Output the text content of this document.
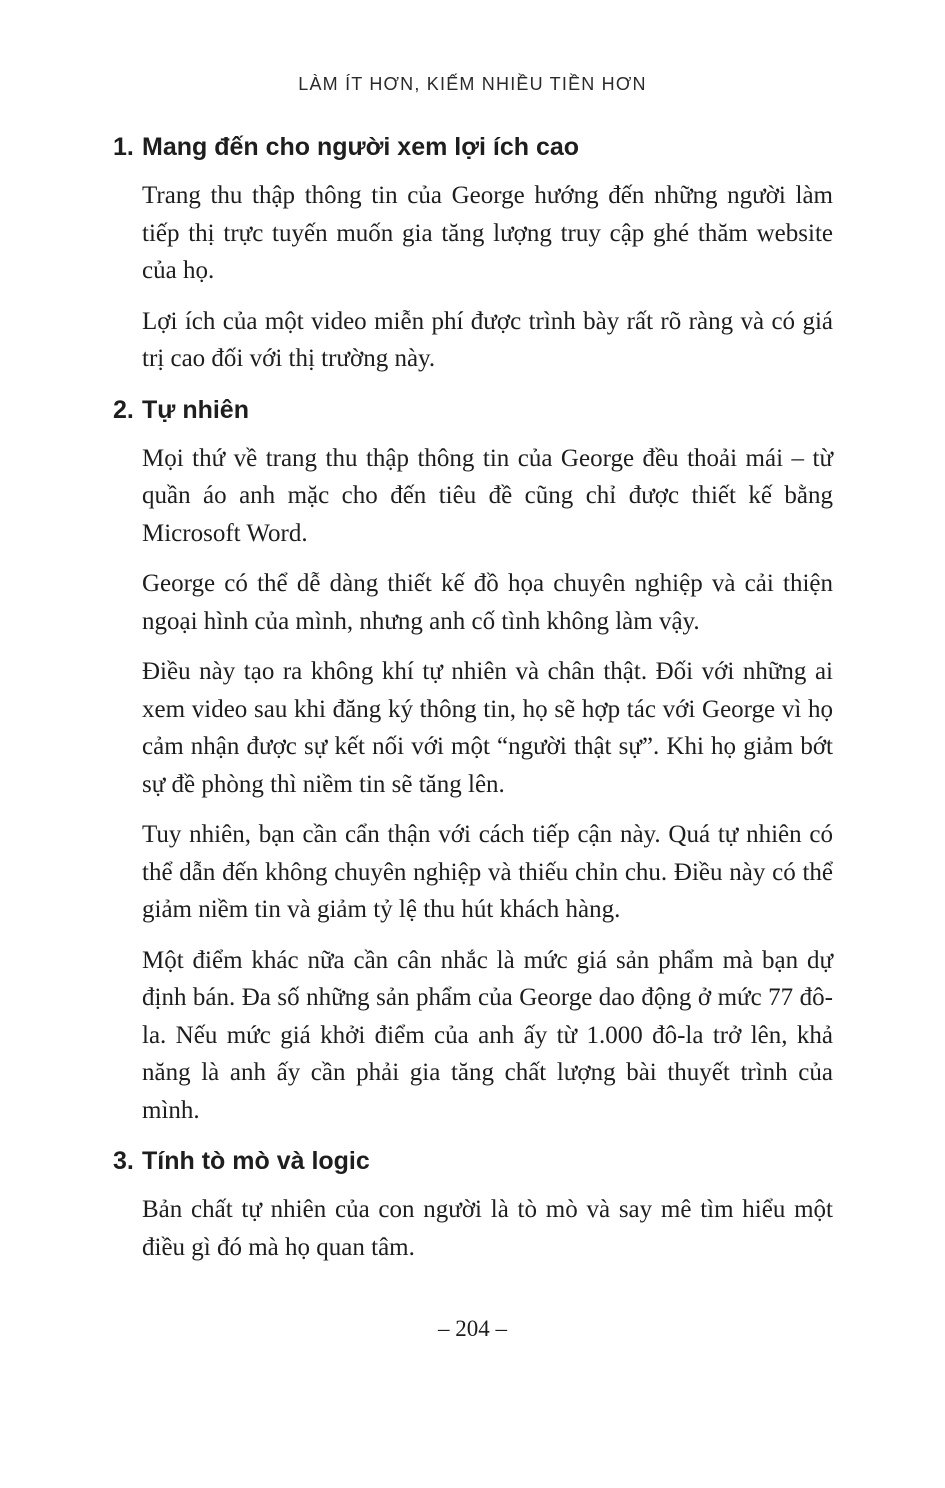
LÀM ÍT HƠN, KIẾM NHIỀU TIỀN HƠN

1. Mang đến cho người xem lợi ích cao

Trang thu thập thông tin của George hướng đến những người làm tiếp thị trực tuyến muốn gia tăng lượng truy cập ghé thăm website của họ.

Lợi ích của một video miễn phí được trình bày rất rõ ràng và có giá trị cao đối với thị trường này.

2. Tự nhiên

Mọi thứ về trang thu thập thông tin của George đều thoải mái – từ quần áo anh mặc cho đến tiêu đề cũng chỉ được thiết kế bằng Microsoft Word.

George có thể dễ dàng thiết kế đồ họa chuyên nghiệp và cải thiện ngoại hình của mình, nhưng anh cố tình không làm vậy.

Điều này tạo ra không khí tự nhiên và chân thật. Đối với những ai xem video sau khi đăng ký thông tin, họ sẽ hợp tác với George vì họ cảm nhận được sự kết nối với một “người thật sự”. Khi họ giảm bớt sự đề phòng thì niềm tin sẽ tăng lên.

Tuy nhiên, bạn cần cẩn thận với cách tiếp cận này. Quá tự nhiên có thể dẫn đến không chuyên nghiệp và thiếu chỉn chu. Điều này có thể giảm niềm tin và giảm tỷ lệ thu hút khách hàng.

Một điểm khác nữa cần cân nhắc là mức giá sản phẩm mà bạn dự định bán. Đa số những sản phẩm của George dao động ở mức 77 đô-la. Nếu mức giá khởi điểm của anh ấy từ 1.000 đô-la trở lên, khả năng là anh ấy cần phải gia tăng chất lượng bài thuyết trình của mình.

3. Tính tò mò và logic

Bản chất tự nhiên của con người là tò mò và say mê tìm hiểu một điều gì đó mà họ quan tâm.

– 204 –
